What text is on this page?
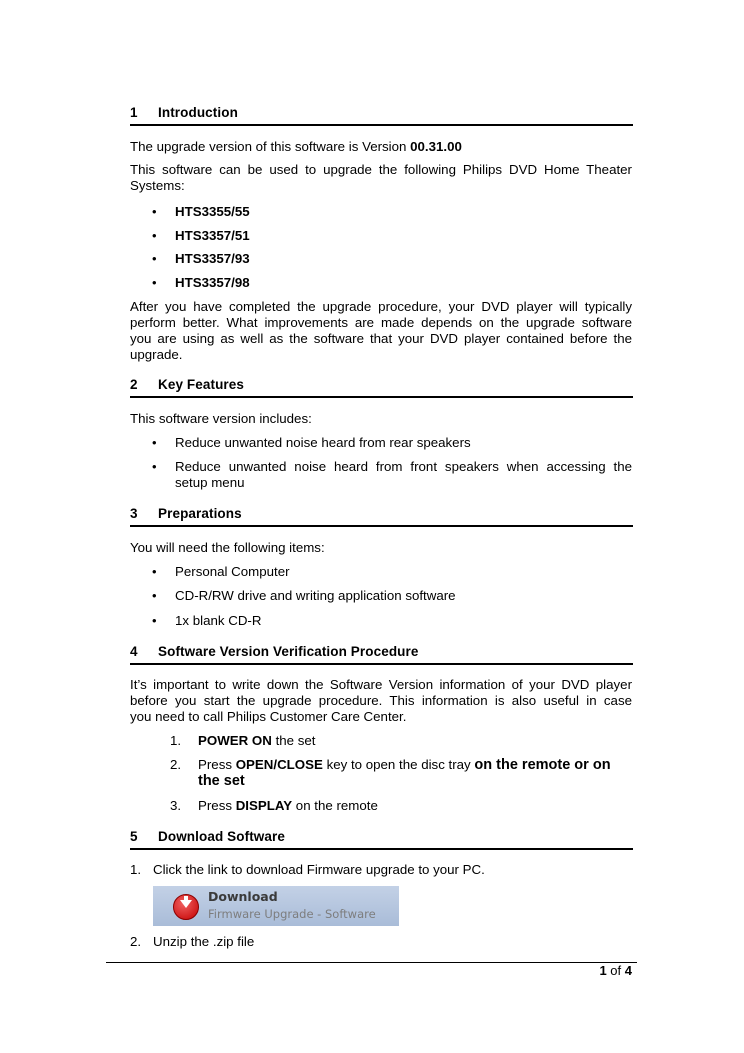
1 Introduction
The upgrade version of this software is Version 00.31.00
This software can be used to upgrade the following Philips DVD Home Theater
Systems:
• HTS3355/55
• HTS3357/51
• HTS3357/93
• HTS3357/98
After you have completed the upgrade procedure, your DVD player will typically
perform better. What improvements are made depends on the upgrade software
you are using as well as the software that your DVD player contained before the
upgrade.
2 Key Features
This software version includes:
• Reduce unwanted noise heard from rear speakers
• Reduce unwanted noise heard from front speakers when accessing the
setup menu
3 Preparations
You will need the following items:
• Personal Computer
• CD-R/RW drive and writing application software
• 1x blank CD-R
4 Software Version Verification Procedure
It’s important to write down the Software Version information of your DVD player
before you start the upgrade procedure. This information is also useful in case
you need to call Philips Customer Care Center.
1.	POWER ON the set
2.	Press OPEN/CLOSE key to open the disc tray on the remote or on
the set
3.	Press DISPLAY on the remote
5 Download Software
1. Click the link to download Firmware upgrade to your PC.
Download
Firmware Upgrade - Software
2. Unzip the .zip file
1 of 4
